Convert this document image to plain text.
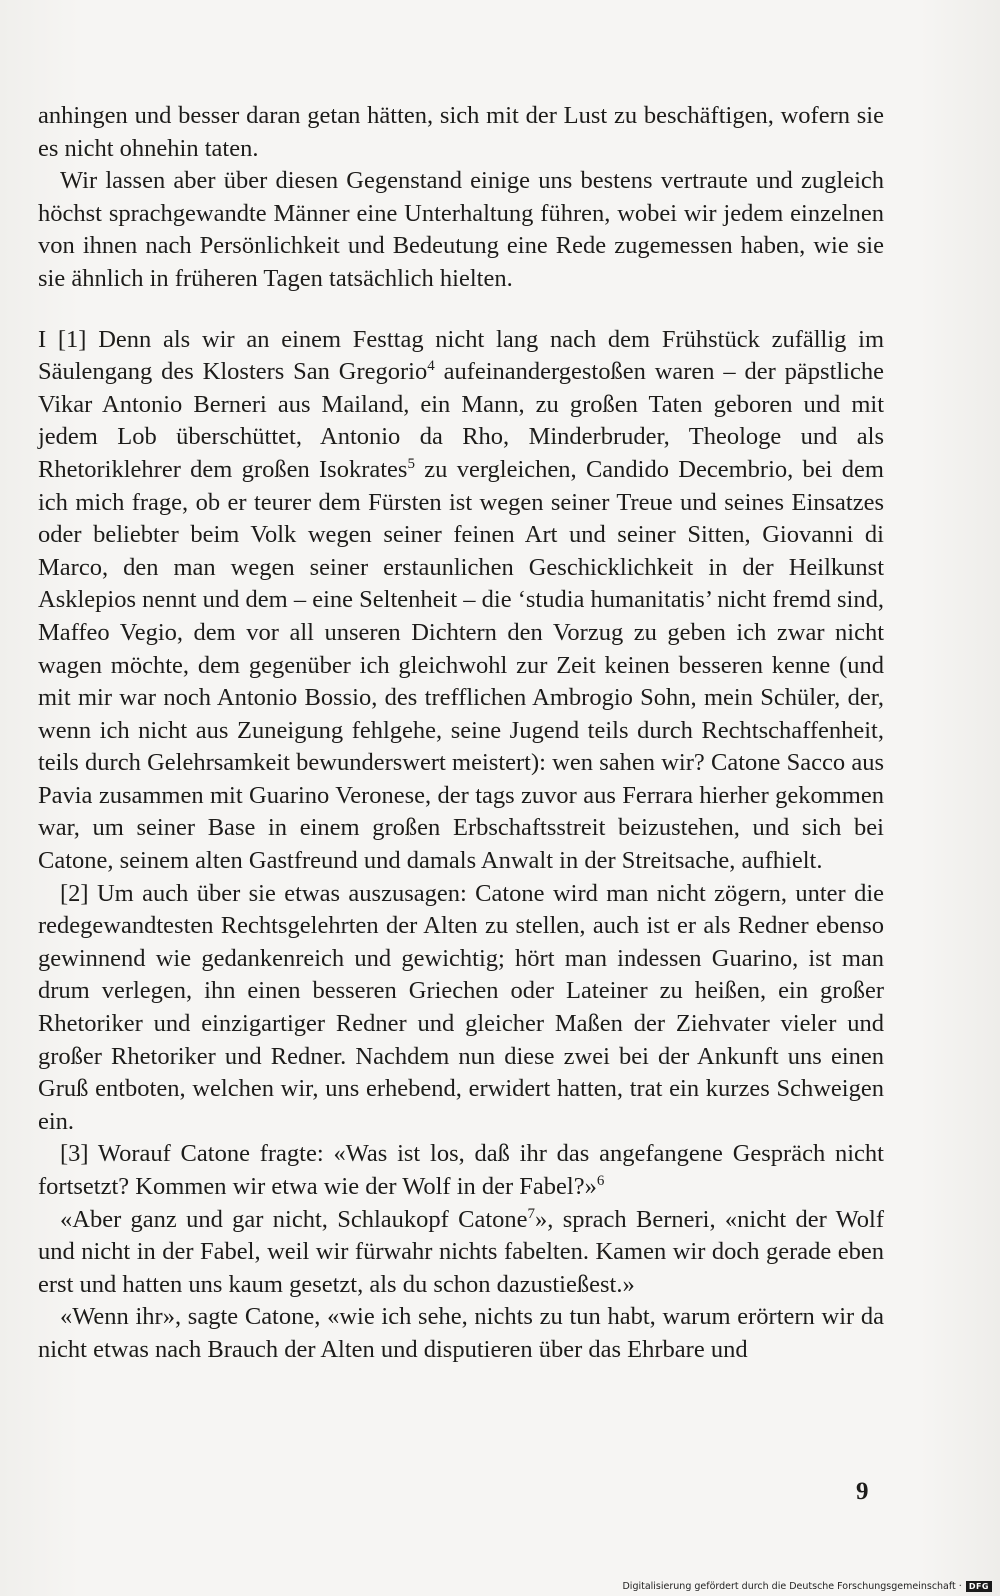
anhingen und besser daran getan hätten, sich mit der Lust zu beschäftigen, wofern sie es nicht ohnehin taten.

Wir lassen aber über diesen Gegenstand einige uns bestens vertraute und zugleich höchst sprachgewandte Männer eine Unterhaltung führen, wobei wir jedem einzelnen von ihnen nach Persönlichkeit und Bedeutung eine Rede zugemessen haben, wie sie sie ähnlich in früheren Tagen tatsächlich hielten.

I [1] Denn als wir an einem Festtag nicht lang nach dem Frühstück zufällig im Säulengang des Klosters San Gregorio$^4$ aufeinandergestoßen waren – der päpstliche Vikar Antonio Berneri aus Mailand, ein Mann, zu großen Taten geboren und mit jedem Lob überschüttet, Antonio da Rho, Minderbruder, Theologe und als Rhetoriklehrer dem großen Isokrates$^5$ zu vergleichen, Candido Decembrio, bei dem ich mich frage, ob er teurer dem Fürsten ist wegen seiner Treue und seines Einsatzes oder beliebter beim Volk wegen seiner feinen Art und seiner Sitten, Giovanni di Marco, den man wegen seiner erstaunlichen Geschicklichkeit in der Heilkunst Asklepios nennt und dem – eine Seltenheit – die ‘studia humanitatis’ nicht fremd sind, Maffeo Vegio, dem vor all unseren Dichtern den Vorzug zu geben ich zwar nicht wagen möchte, dem gegenüber ich gleichwohl zur Zeit keinen besseren kenne (und mit mir war noch Antonio Bossio, des trefflichen Ambrogio Sohn, mein Schüler, der, wenn ich nicht aus Zuneigung fehlgehe, seine Jugend teils durch Rechtschaffenheit, teils durch Gelehrsamkeit bewunderswert meistert): wen sahen wir? Catone Sacco aus Pavia zusammen mit Guarino Veronese, der tags zuvor aus Ferrara hierher gekommen war, um seiner Base in einem großen Erbschaftsstreit beizustehen, und sich bei Catone, seinem alten Gastfreund und damals Anwalt in der Streitsache, aufhielt.

[2] Um auch über sie etwas auszusagen: Catone wird man nicht zögern, unter die redegewandtesten Rechtsgelehrten der Alten zu stellen, auch ist er als Redner ebenso gewinnend wie gedankenreich und gewichtig; hört man indessen Guarino, ist man drum verlegen, ihn einen besseren Griechen oder Lateiner zu heißen, ein großer Rhetoriker und einzigartiger Redner und gleicher Maßen der Ziehvater vieler und großer Rhetoriker und Redner. Nachdem nun diese zwei bei der Ankunft uns einen Gruß entboten, welchen wir, uns erhebend, erwidert hatten, trat ein kurzes Schweigen ein.

[3] Worauf Catone fragte: «Was ist los, daß ihr das angefangene Gespräch nicht fortsetzt? Kommen wir etwa wie der Wolf in der Fabel?»$^6$

«Aber ganz und gar nicht, Schlaukopf Catone$^7$», sprach Berneri, «nicht der Wolf und nicht in der Fabel, weil wir fürwahr nichts fabelten. Kamen wir doch gerade eben erst und hatten uns kaum gesetzt, als du schon dazustießest.»

«Wenn ihr», sagte Catone, «wie ich sehe, nichts zu tun habt, warum erörtern wir da nicht etwas nach Brauch der Alten und disputieren über das Ehrbare und

9
Digitalisierung gefördert durch die Deutsche Forschungsgemeinschaft · DFG
